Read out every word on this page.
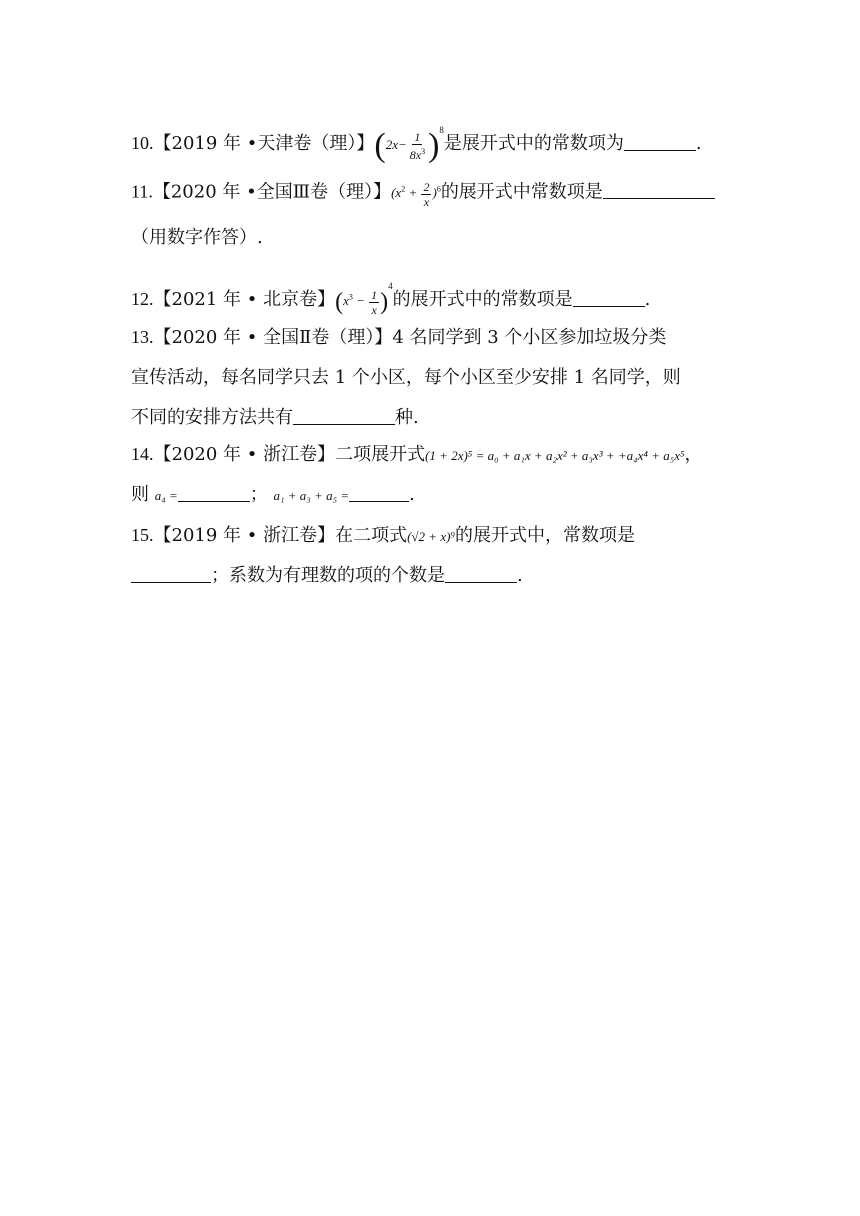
10.【2019 年 •天津卷（理）】$(2x- \frac{1}{8x^3} )^8$是展开式中的常数项为	.
11.【2020 年 •全国Ⅲ卷（理）】$(x^2 + \frac{2}{x} )^6$的展开式中常数项是
（用数字作答）.
12.【2021 年 • 北京卷】$(x^3 - \frac{1}{x} )^4$的展开式中的常数项是	.
13.【2020 年 • 全国Ⅱ卷（理）】4 名同学到 3 个小区参加垃圾分类
宣传活动，每名同学只去 1 个小区，每个小区至少安排 1 名同学，则
不同的安排方法共有	种.
14.【2020 年 • 浙江卷】二项展开式(1 + 2x)⁵ = a₀ + a₁x + a₂x² + a₃x³ + +a₄x⁴ + a₅x⁵，
则 a₄ =	； a₁ + a₃ + a₅ =	.
15.【2019 年 • 浙江卷】在二项式(√2 + x)⁹的展开式中，常数项是
；系数为有理数的项的个数是	.
